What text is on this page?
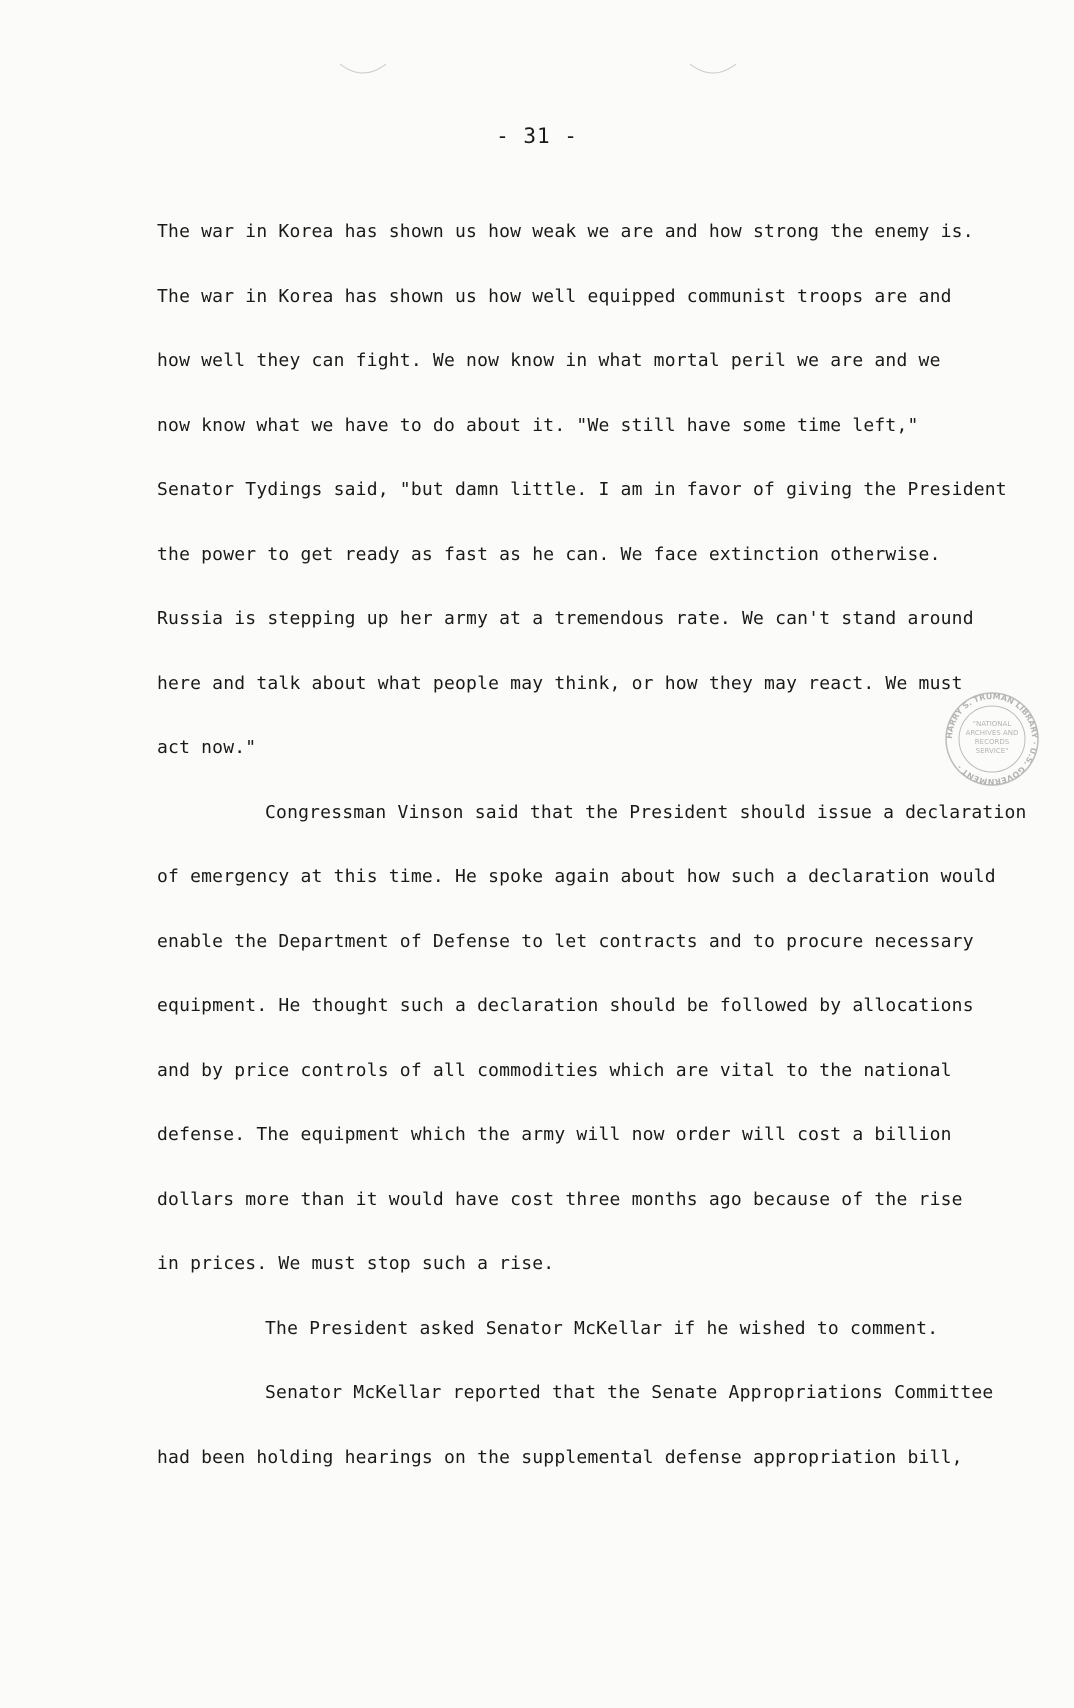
- 31 -
The war in Korea has shown us how weak we are and how strong the enemy is.
The war in Korea has shown us how well equipped communist troops are and
how well they can fight. We now know in what mortal peril we are and we
now know what we have to do about it. "We still have some time left,"
Senator Tydings said, "but damn little. I am in favor of giving the President
the power to get ready as fast as he can. We face extinction otherwise.
Russia is stepping up her army at a tremendous rate. We can't stand around
here and talk about what people may think, or how they may react. We must
act now."
Congressman Vinson said that the President should issue a declaration
of emergency at this time. He spoke again about how such a declaration would
enable the Department of Defense to let contracts and to procure necessary
equipment. He thought such a declaration should be followed by allocations
and by price controls of all commodities which are vital to the national
defense. The equipment which the army will now order will cost a billion
dollars more than it would have cost three months ago because of the rise
in prices. We must stop such a rise.
The President asked Senator McKellar if he wished to comment.
Senator McKellar reported that the Senate Appropriations Committee
had been holding hearings on the supplemental defense appropriation bill,
HARRY S. TRUMAN LIBRARY · U.S. GOVERNMENT ·
"NATIONAL
ARCHIVES AND
RECORDS
SERVICE"
